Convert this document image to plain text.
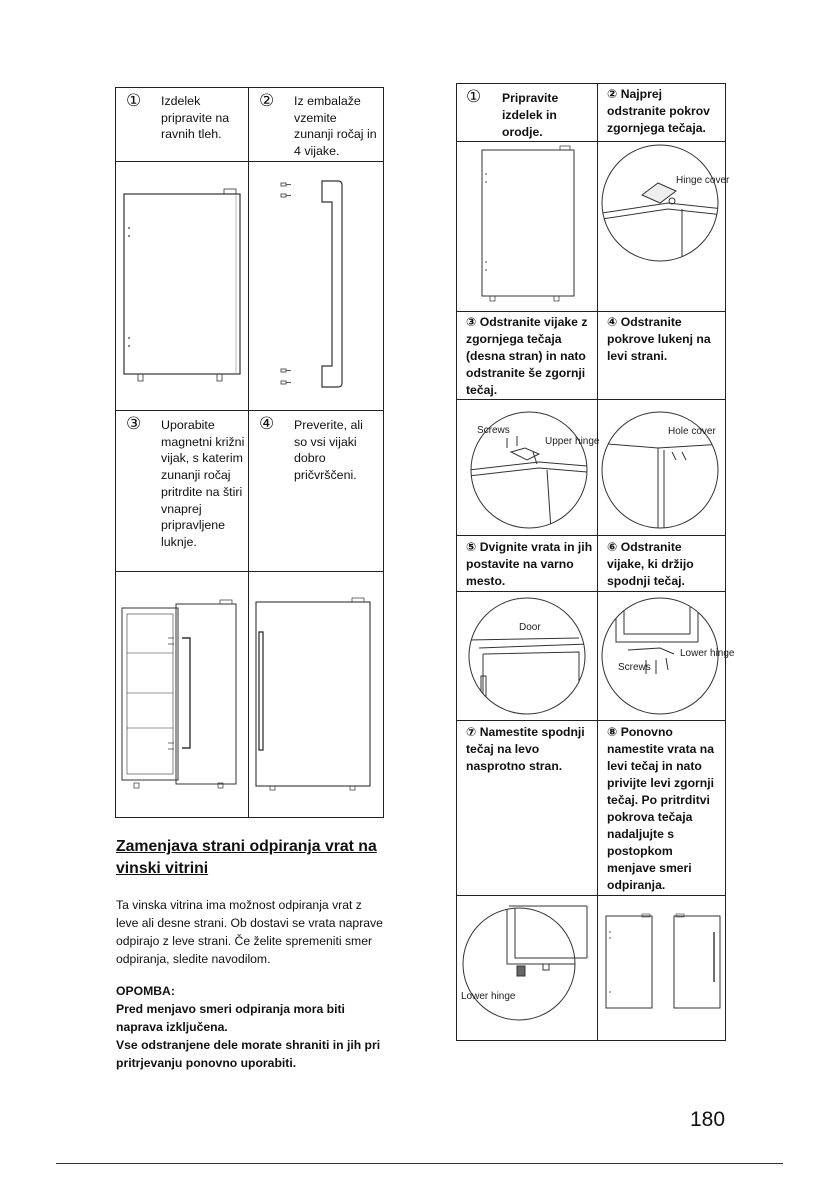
① Izdelek pripravite na ravnih tleh.
② Iz embalaže vzemite zunanji ročaj in 4 vijake.
③ Uporabite magnetni križni vijak, s katerim zunanji ročaj pritrdite na štiri vnaprej pripravljene luknje.
④ Preverite, ali so vsi vijaki dobro pričvrščeni.
Zamenjava strani odpiranja vrat na vinski vitrini
Ta vinska vitrina ima možnost odpiranja vrat z leve ali desne strani. Ob dostavi se vrata naprave odpirajo z leve strani. Če želite spremeniti smer odpiranja, sledite navodilom.
OPOMBA:
Pred menjavo smeri odpiranja mora biti naprava izklјučena.
Vse odstranjene dele morate shraniti in jih pri pritrjevanju ponovno uporabiti.
① Pripravite izdelek in orodje.
② Najprej odstranite pokrov zgornjega tečaja.
③ Odstranite vijake z zgornjega tečaja (desna stran) in nato odstranite še zgornji tečaj.
④ Odstranite pokrove lukenj na levi strani.
⑤ Dvignite vrata in jih postavite na varno mesto.
⑥ Odstranite vijake, ki držijo spodnji tečaj.
⑦ Namestite spodnji tečaj na levo nasprotno stran.
⑧ Ponovno namestite vrata na levi tečaj in nato privijte levi zgornji tečaj. Po pritrditvi pokrova tečaja nadaljujte s postopkom menjave smeri odpiranja.
Hinge cover
Screws
Upper hinge
Hole cover
Door
Lower hinge
Screws
Lower hinge
180
